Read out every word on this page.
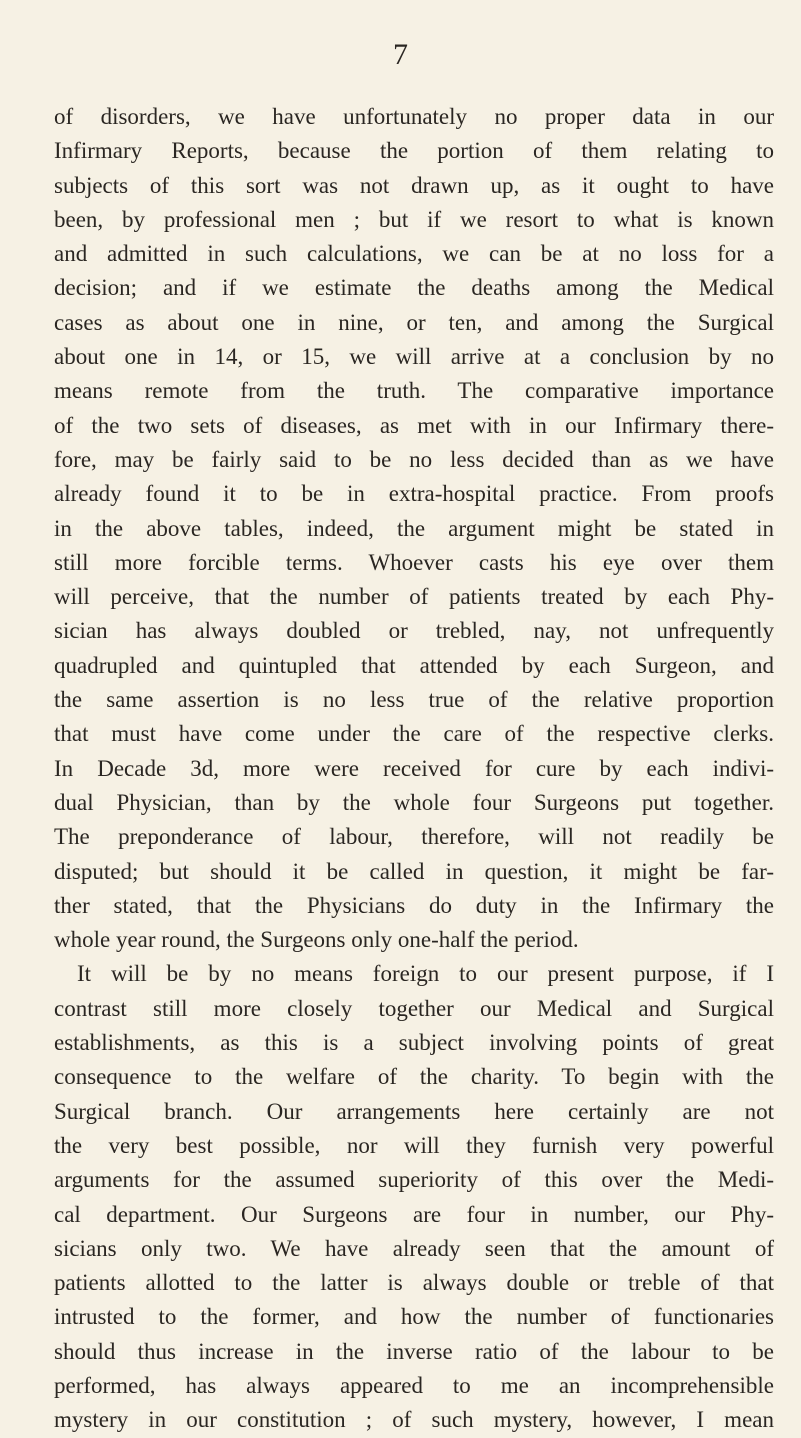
7
of disorders, we have unfortunately no proper data in our
Infirmary Reports, because the portion of them relating to
subjects of this sort was not drawn up, as it ought to have
been, by professional men ; but if we resort to what is known
and admitted in such calculations, we can be at no loss for a
decision; and if we estimate the deaths among the Medical
cases as about one in nine, or ten, and among the Surgical
about one in 14, or 15, we will arrive at a conclusion by no
means remote from the truth. The comparative importance
of the two sets of diseases, as met with in our Infirmary there-
fore, may be fairly said to be no less decided than as we have
already found it to be in extra-hospital practice. From proofs
in the above tables, indeed, the argument might be stated in
still more forcible terms. Whoever casts his eye over them
will perceive, that the number of patients treated by each Phy-
sician has always doubled or trebled, nay, not unfrequently
quadrupled and quintupled that attended by each Surgeon, and
the same assertion is no less true of the relative proportion
that must have come under the care of the respective clerks.
In Decade 3d, more were received for cure by each indivi-
dual Physician, than by the whole four Surgeons put together.
The preponderance of labour, therefore, will not readily be
disputed; but should it be called in question, it might be far-
ther stated, that the Physicians do duty in the Infirmary the
whole year round, the Surgeons only one-half the period.
It will be by no means foreign to our present purpose, if I
contrast still more closely together our Medical and Surgical
establishments, as this is a subject involving points of great
consequence to the welfare of the charity. To begin with the
Surgical branch. Our arrangements here certainly are not
the very best possible, nor will they furnish very powerful
arguments for the assumed superiority of this over the Medi-
cal department. Our Surgeons are four in number, our Phy-
sicians only two. We have already seen that the amount of
patients allotted to the latter is always double or treble of that
intrusted to the former, and how the number of functionaries
should thus increase in the inverse ratio of the labour to be
performed, has always appeared to me an incomprehensible
mystery in our constitution ; of such mystery, however, I mean
